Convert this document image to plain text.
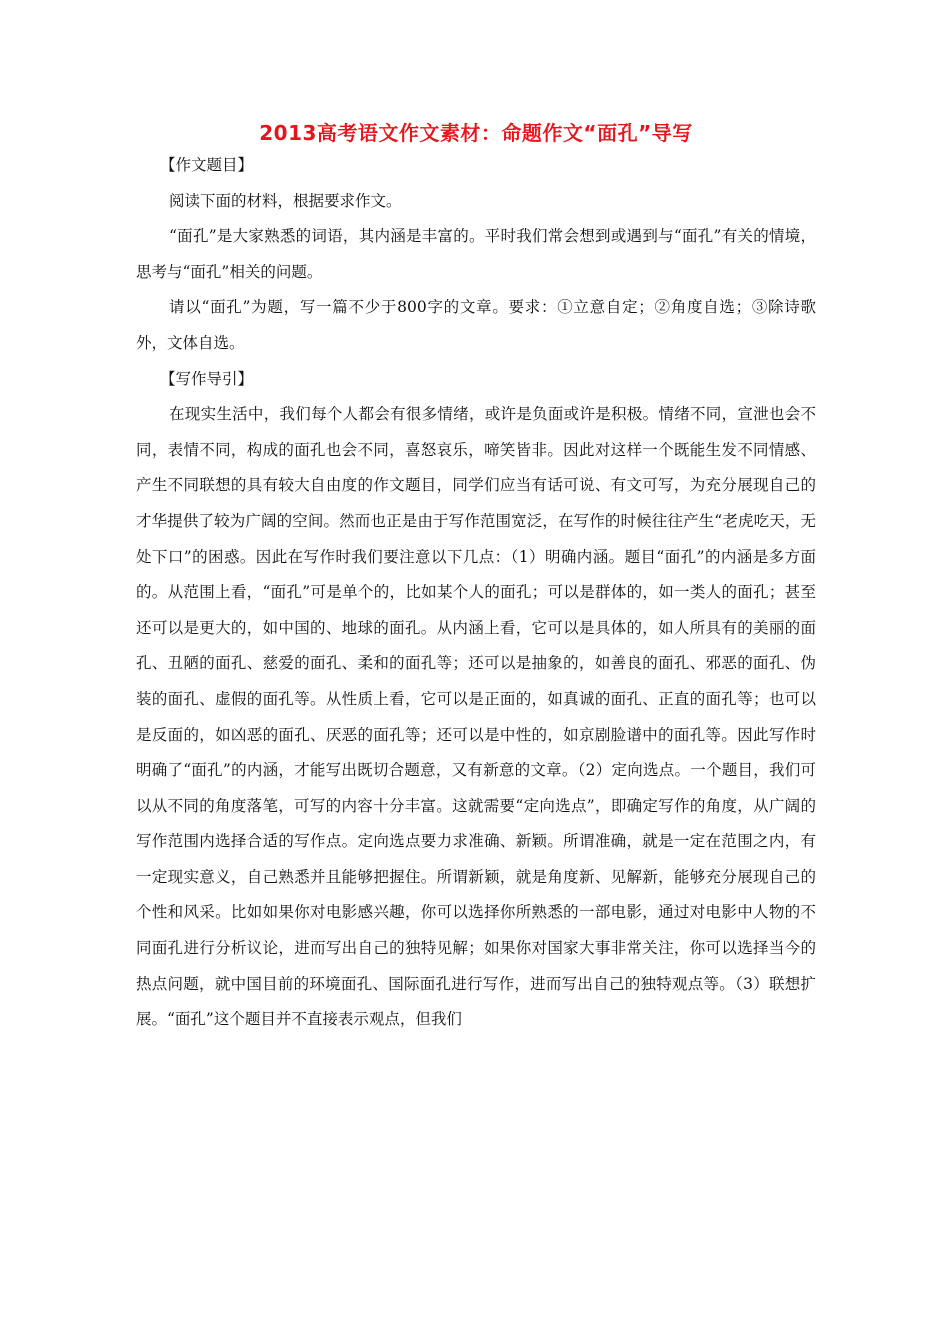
2013高考语文作文素材：命题作文“面孔”导写

【作文题目】

阅读下面的材料，根据要求作文。

“面孔”是大家熟悉的词语，其内涵是丰富的。平时我们常会想到或遇到与“面孔”有关的情境，思考与“面孔”相关的问题。

请以“面孔”为题，写一篇不少于800字的文章。要求：①立意自定；②角度自选；③除诗歌外，文体自选。

【写作导引】

在现实生活中，我们每个人都会有很多情绪，或许是负面或许是积极。情绪不同，宣泄也会不同，表情不同，构成的面孔也会不同，喜怒哀乐，啼笑皆非。因此对这样一个既能生发不同情感、产生不同联想的具有较大自由度的作文题目，同学们应当有话可说、有文可写，为充分展现自己的才华提供了较为广阔的空间。然而也正是由于写作范围宽泛，在写作的时候往往产生“老虎吃天，无处下口”的困惑。因此在写作时我们要注意以下几点：（1）明确内涵。题目“面孔”的内涵是多方面的。从范围上看，“面孔”可是单个的，比如某个人的面孔；可以是群体的，如一类人的面孔；甚至还可以是更大的，如中国的、地球的面孔。从内涵上看，它可以是具体的，如人所具有的美丽的面孔、丑陋的面孔、慈爱的面孔、柔和的面孔等；还可以是抽象的，如善良的面孔、邪恶的面孔、伪装的面孔、虚假的面孔等。从性质上看，它可以是正面的，如真诚的面孔、正直的面孔等；也可以是反面的，如凶恶的面孔、厌恶的面孔等；还可以是中性的，如京剧脸谱中的面孔等。因此写作时明确了“面孔”的内涵，才能写出既切合题意，又有新意的文章。（2）定向选点。一个题目，我们可以从不同的角度落笔，可写的内容十分丰富。这就需要“定向选点”，即确定写作的角度，从广阔的写作范围内选择合适的写作点。定向选点要力求准确、新颖。所谓准确，就是一定在范围之内，有一定现实意义，自己熟悉并且能够把握住。所谓新颖，就是角度新、见解新，能够充分展现自己的个性和风采。比如如果你对电影感兴趣，你可以选择你所熟悉的一部电影，通过对电影中人物的不同面孔进行分析议论，进而写出自己的独特见解；如果你对国家大事非常关注，你可以选择当今的热点问题，就中国目前的环境面孔、国际面孔进行写作，进而写出自己的独特观点等。（3）联想扩展。“面孔”这个题目并不直接表示观点，但我们
